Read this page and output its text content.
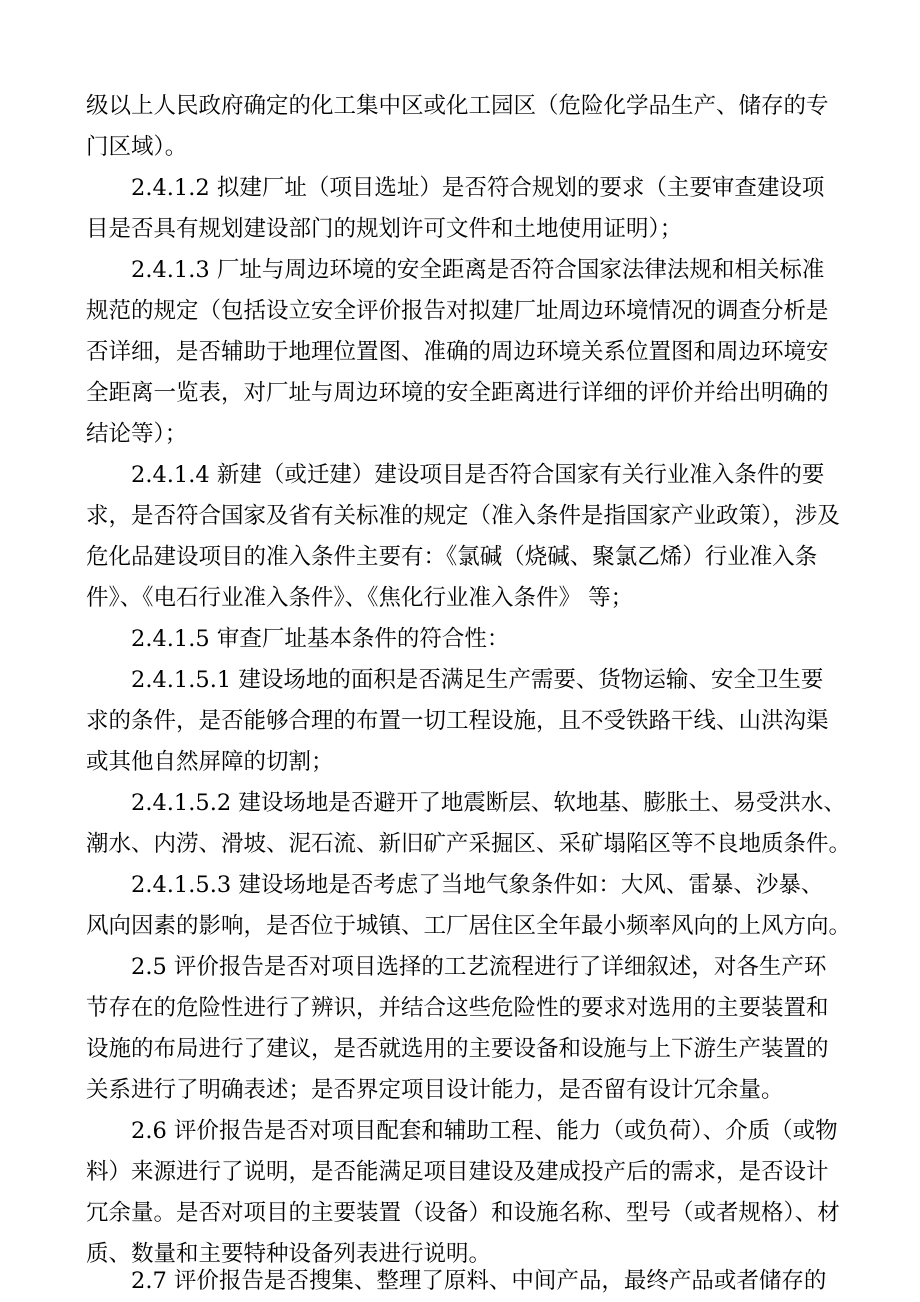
级以上人民政府确定的化工集中区或化工园区（危险化学品生产、储存的专
门区域）。
2.4.1.2 拟建厂址（项目选址）是否符合规划的要求（主要审查建设项
目是否具有规划建设部门的规划许可文件和土地使用证明）；
2.4.1.3 厂址与周边环境的安全距离是否符合国家法律法规和相关标准
规范的规定（包括设立安全评价报告对拟建厂址周边环境情况的调查分析是
否详细，是否辅助于地理位置图、准确的周边环境关系位置图和周边环境安
全距离一览表，对厂址与周边环境的安全距离进行详细的评价并给出明确的
结论等）；
2.4.1.4 新建（或迁建）建设项目是否符合国家有关行业准入条件的要
求，是否符合国家及省有关标准的规定（准入条件是指国家产业政策），涉及
危化品建设项目的准入条件主要有：《氯碱（烧碱、聚氯乙烯）行业准入条
件》、《电石行业准入条件》、《焦化行业准入条件》 等；
2.4.1.5 审查厂址基本条件的符合性：
2.4.1.5.1 建设场地的面积是否满足生产需要、货物运输、安全卫生要
求的条件，是否能够合理的布置一切工程设施，且不受铁路干线、山洪沟渠
或其他自然屏障的切割；
2.4.1.5.2 建设场地是否避开了地震断层、软地基、膨胀土、易受洪水、
潮水、内涝、滑坡、泥石流、新旧矿产采掘区、采矿塌陷区等不良地质条件。
2.4.1.5.3 建设场地是否考虑了当地气象条件如：大风、雷暴、沙暴、
风向因素的影响，是否位于城镇、工厂居住区全年最小频率风向的上风方向。
2.5 评价报告是否对项目选择的工艺流程进行了详细叙述，对各生产环
节存在的危险性进行了辨识，并结合这些危险性的要求对选用的主要装置和
设施的布局进行了建议，是否就选用的主要设备和设施与上下游生产装置的
关系进行了明确表述；是否界定项目设计能力，是否留有设计冗余量。
2.6 评价报告是否对项目配套和辅助工程、能力（或负荷）、介质（或物
料）来源进行了说明，是否能满足项目建设及建成投产后的需求，是否设计
冗余量。是否对项目的主要装置（设备）和设施名称、型号（或者规格）、材
质、数量和主要特种设备列表进行说明。
2.7 评价报告是否搜集、整理了原料、中间产品，最终产品或者储存的
